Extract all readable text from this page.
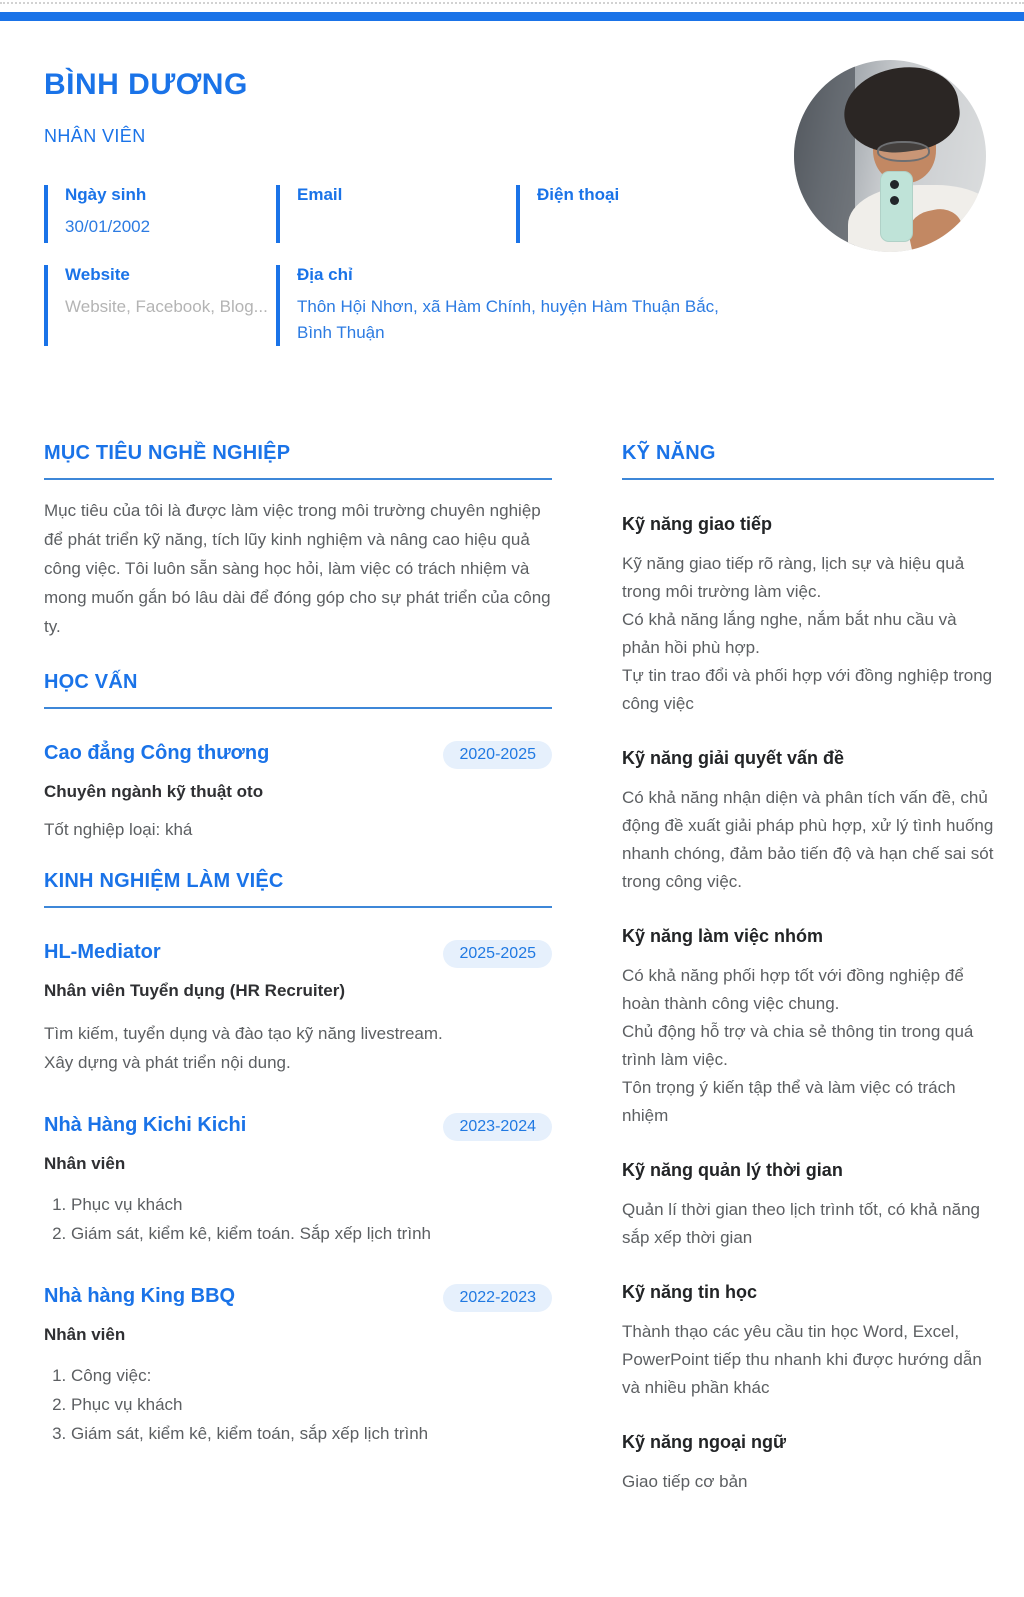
BÌNH DƯƠNG
NHÂN VIÊN
Ngày sinh
30/01/2002
Email	Điện thoại
Website
Website, Facebook, Blog...
Địa chỉ
Thôn Hội Nhơn, xã Hàm Chính, huyện Hàm Thuận Bắc, Bình Thuận
MỤC TIÊU NGHỀ NGHIỆP

Mục tiêu của tôi là được làm việc trong môi trường chuyên nghiệp để phát triển kỹ năng, tích lũy kinh nghiệm và nâng cao hiệu quả công việc. Tôi luôn sẵn sàng học hỏi, làm việc có trách nhiệm và mong muốn gắn bó lâu dài để đóng góp cho sự phát triển của công ty.

HỌC VẤN
Cao đẳng Công thương	2020-2025
Chuyên ngành kỹ thuật oto
Tốt nghiệp loại: khá
KINH NGHIỆM LÀM VIỆC
HL-Mediator	2025-2025
Nhân viên Tuyển dụng (HR Recruiter)
Tìm kiếm, tuyển dụng và đào tạo kỹ năng livestream.
Xây dựng và phát triển nội dung.
Nhà Hàng Kichi Kichi	2023-2024
Nhân viên
1. Phục vụ khách
2. Giám sát, kiểm kê, kiểm toán. Sắp xếp lịch trình
Nhà hàng King BBQ	2022-2023
Nhân viên
1. Công việc:
2. Phục vụ khách
3. Giám sát, kiểm kê, kiểm toán, sắp xếp lịch trình
KỸ NĂNG
Kỹ năng giao tiếp
Kỹ năng giao tiếp rõ ràng, lịch sự và hiệu quả trong môi trường làm việc.
Có khả năng lắng nghe, nắm bắt nhu cầu và phản hồi phù hợp.
Tự tin trao đổi và phối hợp với đồng nghiệp trong công việc
Kỹ năng giải quyết vấn đề
Có khả năng nhận diện và phân tích vấn đề, chủ động đề xuất giải pháp phù hợp, xử lý tình huống nhanh chóng, đảm bảo tiến độ và hạn chế sai sót trong công việc.
Kỹ năng làm việc nhóm
Có khả năng phối hợp tốt với đồng nghiệp để hoàn thành công việc chung.
Chủ động hỗ trợ và chia sẻ thông tin trong quá trình làm việc.
Tôn trọng ý kiến tập thể và làm việc có trách nhiệm
Kỹ năng quản lý thời gian
Quản lí thời gian theo lịch trình tốt, có khả năng sắp xếp thời gian
Kỹ năng tin học
Thành thạo các yêu cầu tin học Word, Excel, PowerPoint tiếp thu nhanh khi được hướng dẫn và nhiều phần khác
Kỹ năng ngoại ngữ
Giao tiếp cơ bản
